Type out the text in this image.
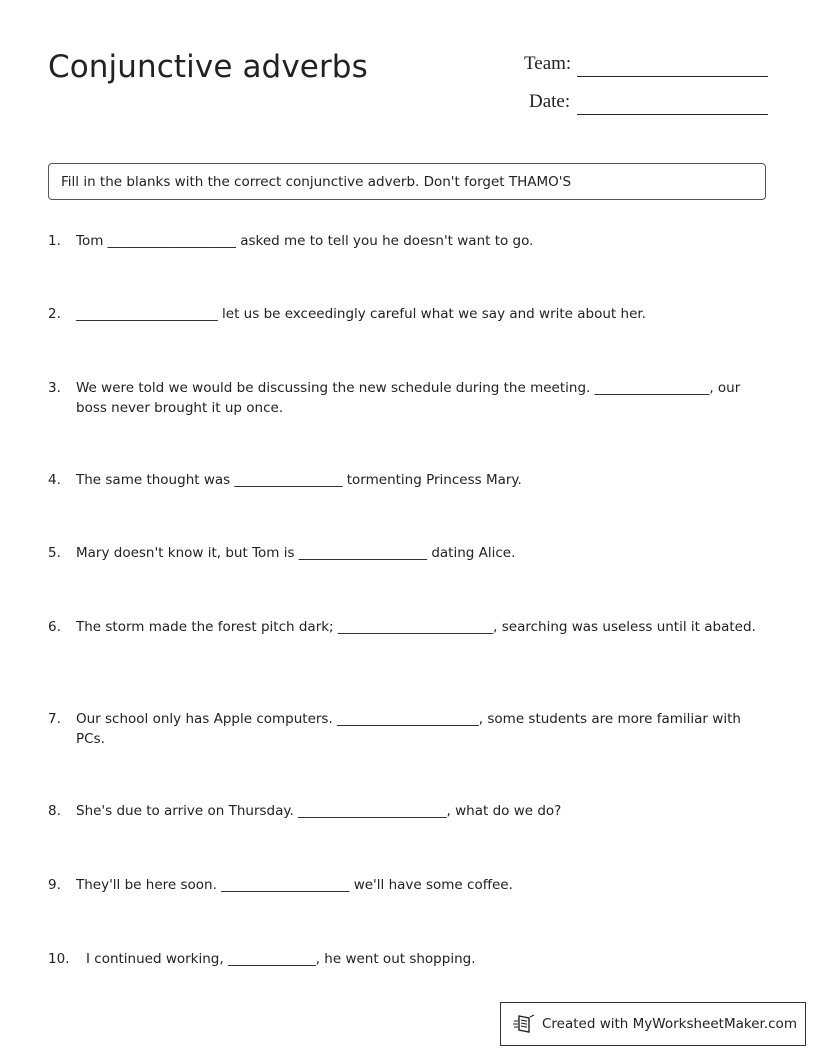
Conjunctive adverbs	Team:
Date:
Fill in the blanks with the correct conjunctive adverb. Don't forget THAMO'S
1. Tom ___________________ asked me to tell you he doesn't want to go.
2. _____________________ let us be exceedingly careful what we say and write about her.
3. We were told we would be discussing the new schedule during the meeting. _________________, our boss never brought it up once.
4. The same thought was ________________ tormenting Princess Mary.
5. Mary doesn't know it, but Tom is ___________________ dating Alice.
6. The storm made the forest pitch dark; _______________________, searching was useless until it abated.
7. Our school only has Apple computers. _____________________, some students are more familiar with PCs.
8. She's due to arrive on Thursday. ______________________, what do we do?
9. They'll be here soon. ___________________ we'll have some coffee.
10. I continued working, _____________, he went out shopping.
Created with MyWorksheetMaker.com
